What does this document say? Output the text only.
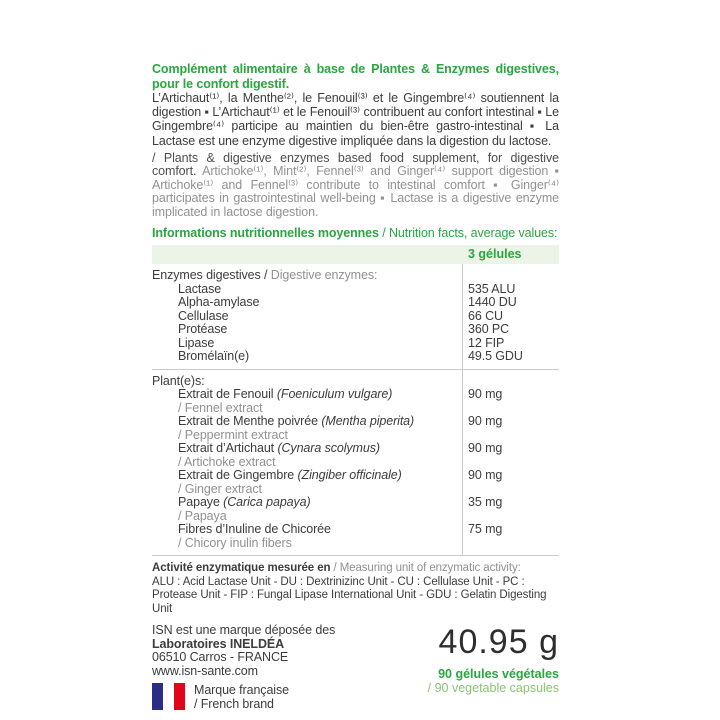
Complément alimentaire à base de Plantes & Enzymes digestives, pour le confort digestif.

L’Artichaut⁽¹⁾, la Menthe⁽²⁾, le Fenouil⁽³⁾ et le Gingembre⁽⁴⁾ soutiennent la digestion ▪ L’Artichaut⁽¹⁾ et le Fenouil⁽³⁾ contribuent au confort intestinal ▪ Le Gingembre⁽⁴⁾ participe au maintien du bien-être gastro-intestinal ▪ La Lactase est une enzyme digestive impliquée dans la digestion du lactose.

/ Plants & digestive enzymes based food supplement, for digestive comfort. Artichoke⁽¹⁾, Mint⁽²⁾, Fennel⁽³⁾ and Ginger⁽⁴⁾ support digestion ▪ Artichoke⁽¹⁾ and Fennel⁽³⁾ contribute to intestinal comfort ▪ Ginger⁽⁴⁾ participates in gastrointestinal well-being ▪ Lactase is a digestive enzyme implicated in lactose digestion.

Informations nutritionnelles moyennes / Nutrition facts, average values:

3 gélules
Enzymes digestives / Digestive enzymes:
Lactase	535 ALU
Alpha-amylase	1440 DU
Cellulase	66 CU
Protéase	360 PC
Lipase	12 FIP
Bromélaïn(e)	49.5 GDU
Plant(e)s:
Extrait de Fenouil (Foeniculum vulgare)	90 mg
/ Fennel extract
Extrait de Menthe poivrée (Mentha piperita)	90 mg
/ Peppermint extract
Extrait d’Artichaut (Cynara scolymus)	90 mg
/ Artichoke extract
Extrait de Gingembre (Zingiber officinale)	90 mg
/ Ginger extract
Papaye (Carica papaya)	35 mg
/ Papaya
Fibres d’Inuline de Chicorée	75 mg
/ Chicory inulin fibers
Activité enzymatique mesurée en / Measuring unit of enzymatic activity:
ALU : Acid Lactase Unit - DU : Dextrinizinc Unit - CU : Cellulase Unit - PC : Protease Unit - FIP : Fungal Lipase International Unit - GDU : Gelatin Digesting Unit
ISN est une marque déposée des
Laboratoires INELDÉA
06510 Carros - FRANCE
www.isn-sante.com
Marque française
/ French brand
40.95 g
90 gélules végétales
/ 90 vegetable capsules
